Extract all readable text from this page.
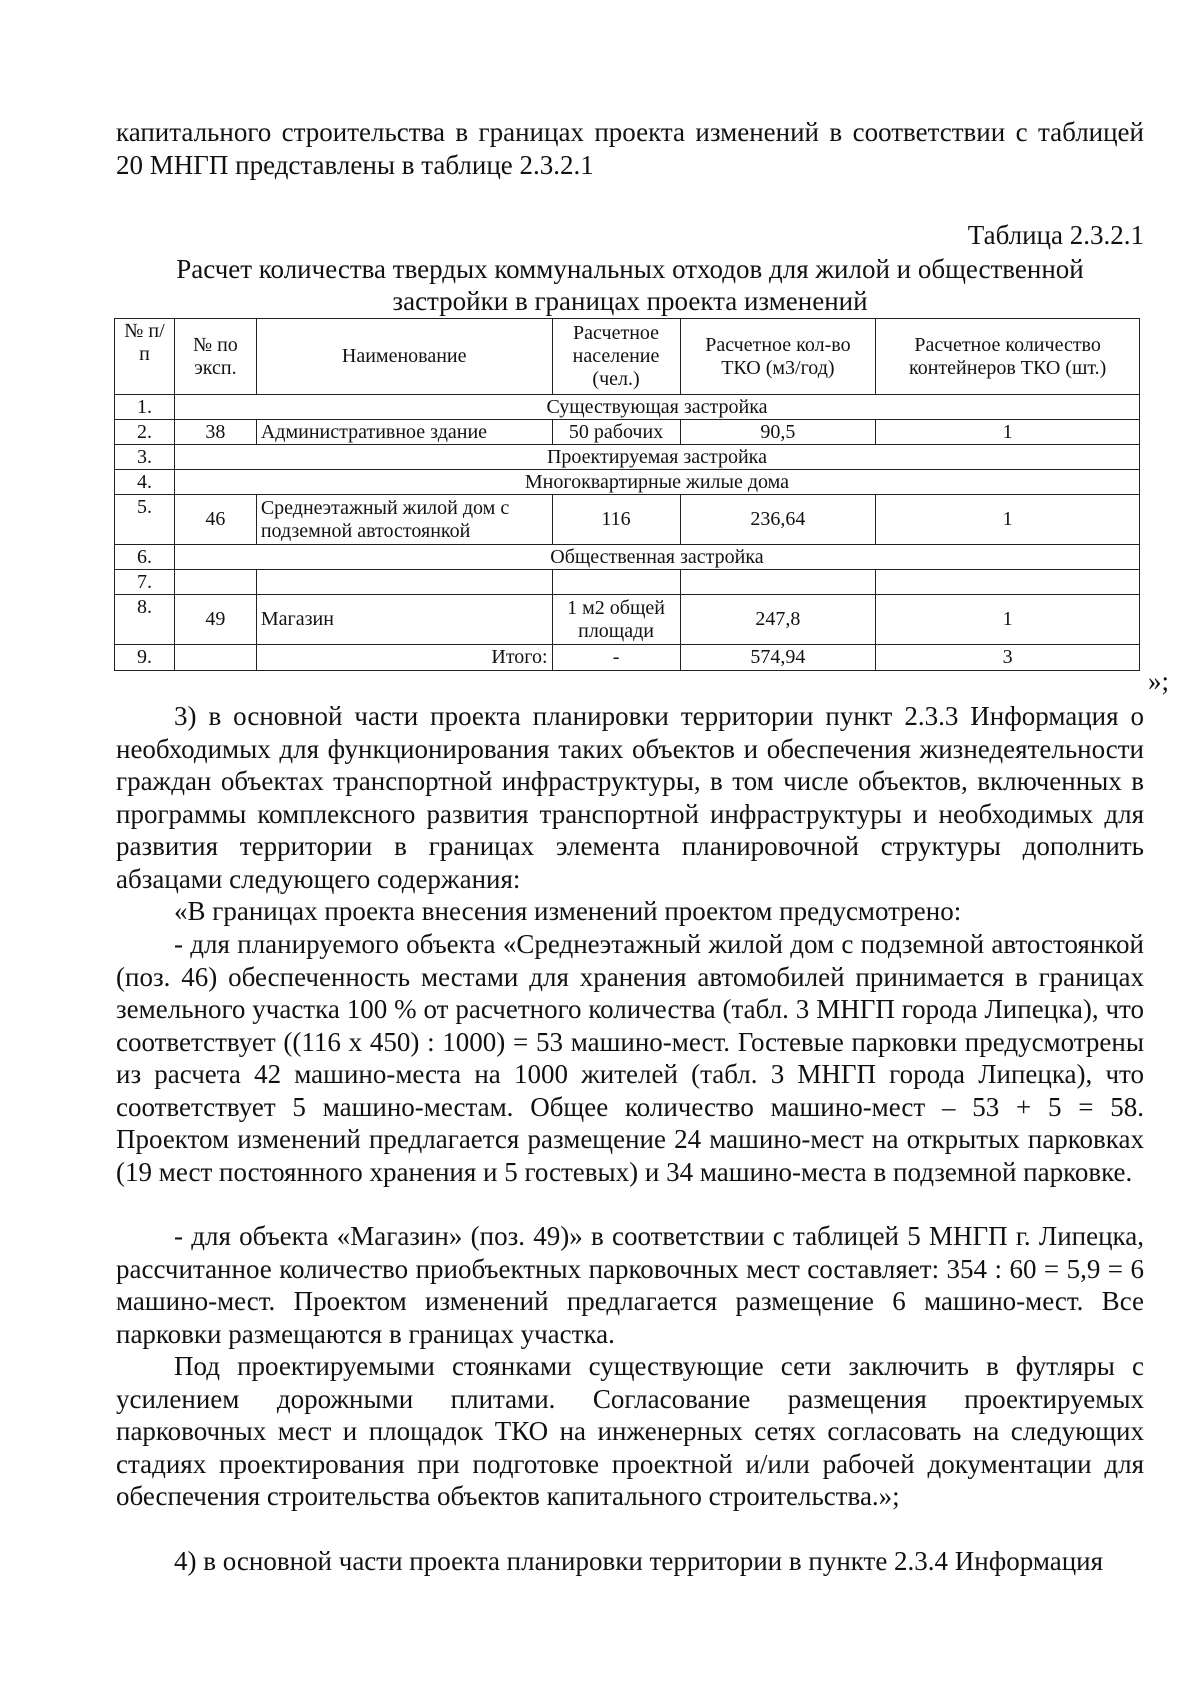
капитального строительства в границах проекта изменений в соответствии с таблицей 20 МНГП представлены в таблице 2.3.2.1

Таблица 2.3.2.1

Расчет количества твердых коммунальных отходов для жилой и общественной
застройки в границах проекта изменений

№ п/п	№ по эксп.	Наименование	Расчетное население (чел.)	Расчетное кол-во ТКО (м3/год)	Расчетное количество контейнеров ТКО (шт.)
1.	Существующая застройка				
2.	38	Административное здание	50 рабочих	90,5	1
3.	Проектируемая застройка				
4.	Многоквартирные жилые дома				
5.	46	Среднеэтажный жилой дом с подземной автостоянкой	116	236,64	1
6.	Общественная застройка				
7.					
8.	49	Магазин	1 м2 общей площади	247,8	1
9.		Итого:	-	574,94	3
»;

3) в основной части проекта планировки территории пункт 2.3.3 Информация о необходимых для функционирования таких объектов и обеспечения жизнедеятельности граждан объектах транспортной инфраструктуры, в том числе объектов, включенных в программы комплексного развития транспортной инфраструктуры и необходимых для развития территории в границах элемента планировочной структуры дополнить абзацами следующего содержания:

«В границах проекта внесения изменений проектом предусмотрено:

- для планируемого объекта «Среднеэтажный жилой дом с подземной автостоянкой (поз. 46) обеспеченность местами для хранения автомобилей принимается в границах земельного участка 100 % от расчетного количества (табл. 3 МНГП города Липецка), что соответствует ((116 х 450) : 1000) = 53 машино-мест. Гостевые парковки предусмотрены из расчета 42 машино-места на 1000 жителей (табл. 3 МНГП города Липецка), что соответствует 5 машино-местам. Общее количество машино-мест – 53 + 5 = 58. Проектом изменений предлагается размещение 24 машино-мест на открытых парковках (19 мест постоянного хранения и 5 гостевых) и 34 машино-места в подземной парковке.

- для объекта «Магазин» (поз. 49)» в соответствии с таблицей 5 МНГП г. Липецка, рассчитанное количество приобъектных парковочных мест составляет: 354 : 60 = 5,9 = 6 машино-мест. Проектом изменений предлагается размещение 6 машино-мест. Все парковки размещаются в границах участка.

Под проектируемыми стоянками существующие сети заключить в футляры с усилением дорожными плитами. Согласование размещения проектируемых парковочных мест и площадок ТКО на инженерных сетях согласовать на следующих стадиях проектирования при подготовке проектной и/или рабочей документации для обеспечения строительства объектов капитального строительства.»;

4) в основной части проекта планировки территории в пункте 2.3.4 Информация
